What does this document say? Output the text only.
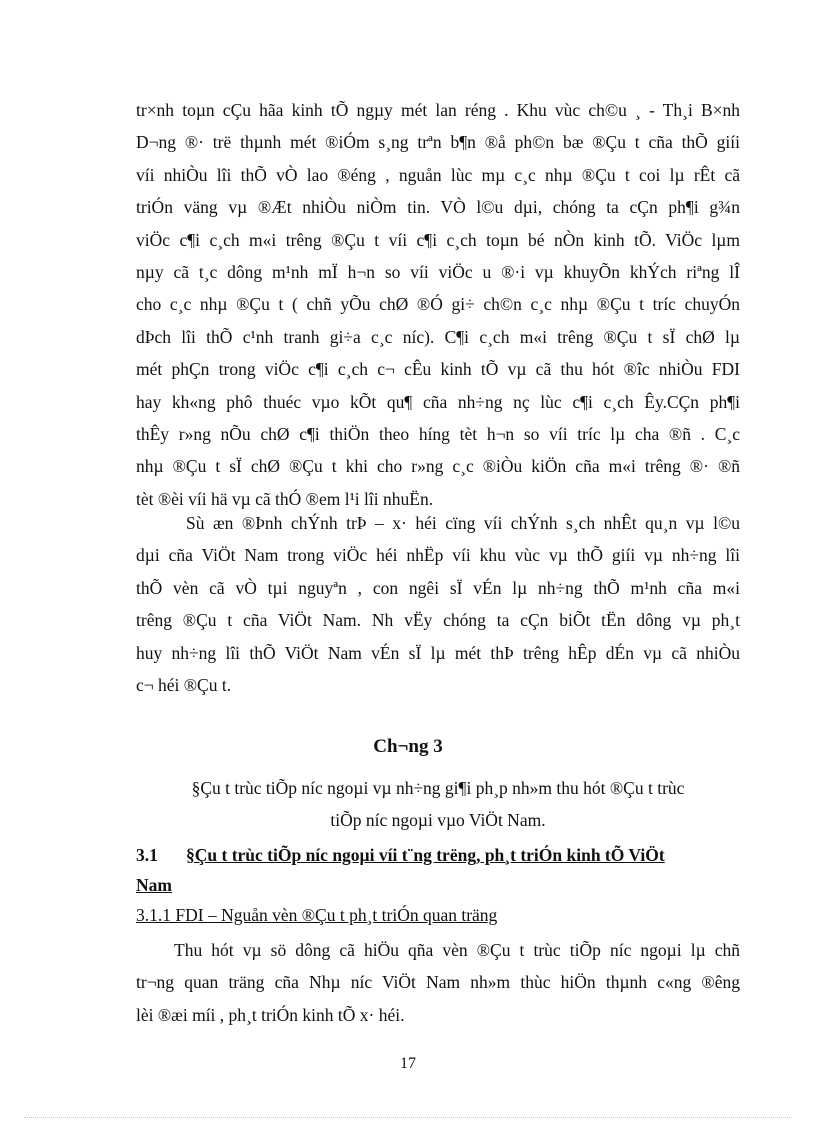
tr×nh toµn cÇu hãa kinh tÕ ngµy mét lan réng . Khu vùc ch©u ¸ - Th¸i B×nh
D¬ng ®· trë thµnh mét ®iÓm s¸ng trªn b¶n ®å ph©n bæ ®Çu t cña thÕ giíi
víi nhiÒu lîi thÕ vÒ lao ®éng , nguån lùc mµ c¸c nhµ ®Çu t coi lµ rÊt cã
triÓn väng vµ ®Æt nhiÒu niÒm tin. VÒ l©u dµi, chóng ta cÇn ph¶i g¾n
viÖc c¶i c¸ch m«i trêng ®Çu t víi c¶i c¸ch toµn bé nÒn kinh tÕ. ViÖc lµm
nµy cã t¸c dông m¹nh mÏ h¬n so víi viÖc u ®·i vµ khuyÕn khÝch riªng lÎ
cho c¸c nhµ ®Çu t ( chñ yÕu chØ ®Ó gi÷ ch©n c¸c nhµ ®Çu t tríc chuyÓn
dÞch lîi thÕ c¹nh tranh gi÷a c¸c níc). C¶i c¸ch m«i trêng ®Çu t sÏ chØ lµ
mét phÇn trong viÖc c¶i c¸ch c¬ cÊu kinh tÕ vµ cã thu hót ®îc nhiÒu FDI
hay kh«ng phô thuéc vµo kÕt qu¶ cña nh÷ng nç lùc c¶i c¸ch Êy.CÇn ph¶i
thÊy r»ng nÕu chØ c¶i thiÖn theo híng tèt h¬n so víi tríc lµ cha ®ñ . C¸c
nhµ ®Çu t sÏ chØ ®Çu t khi cho r»ng c¸c ®iÒu kiÖn cña m«i trêng ®· ®ñ
tèt ®èi víi hä vµ cã thÓ ®em l¹i lîi nhuËn.
Sù æn ®Þnh chÝnh trÞ – x· héi cïng víi chÝnh s¸ch nhÊt qu¸n vµ l©u
dµi cña ViÖt Nam trong viÖc héi nhËp víi khu vùc vµ thÕ giíi vµ nh÷ng lîi
thÕ vèn cã vÒ tµi nguyªn , con ngêi sÏ vÉn lµ nh÷ng thÕ m¹nh cña m«i
trêng ®Çu t cña ViÖt Nam. Nh vËy chóng ta cÇn biÕt tËn dông vµ ph¸t
huy nh÷ng lîi thÕ ViÖt Nam vÉn sÏ lµ mét thÞ trêng hÊp dÉn vµ cã nhiÒu
c¬ héi ®Çu t.
Ch¬ng 3
§Çu t trùc tiÕp níc ngoµi vµ nh÷ng gi¶i ph¸p nh»m thu hót ®Çu t trùc
tiÕp níc ngoµi vµo ViÖt Nam.
3.1 §Çu t trùc tiÕp níc ngoµi víi t¨ng trëng, ph¸t triÓn kinh tÕ ViÖt
Nam
3.1.1 FDI – Nguån vèn ®Çu t ph¸t triÓn quan träng
Thu hót vµ sö dông cã hiÖu qña vèn ®Çu t trùc tiÕp níc ngoµi lµ chñ
tr¬ng quan träng cña Nhµ níc ViÖt Nam nh»m thùc hiÖn thµnh c«ng ®êng
lèi ®æi míi , ph¸t triÓn kinh tÕ x· héi.
17
